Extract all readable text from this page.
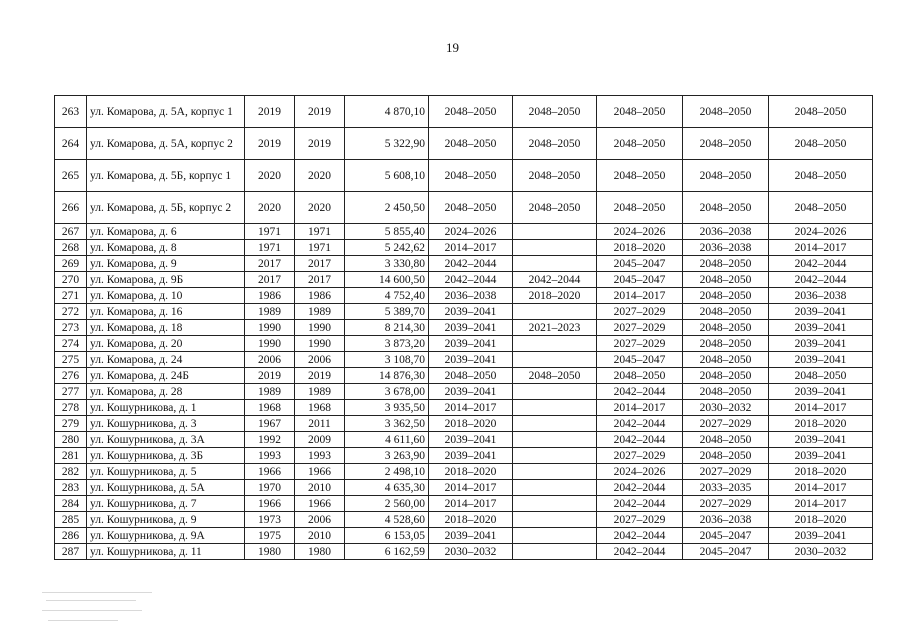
19
263	ул. Комарова, д. 5А, корпус 1	2019	2019	4 870,10	2048–2050	2048–2050	2048–2050	2048–2050	2048–2050
264	ул. Комарова, д. 5А, корпус 2	2019	2019	5 322,90	2048–2050	2048–2050	2048–2050	2048–2050	2048–2050
265	ул. Комарова, д. 5Б, корпус 1	2020	2020	5 608,10	2048–2050	2048–2050	2048–2050	2048–2050	2048–2050
266	ул. Комарова, д. 5Б, корпус 2	2020	2020	2 450,50	2048–2050	2048–2050	2048–2050	2048–2050	2048–2050
267	ул. Комарова, д. 6	1971	1971	5 855,40	2024–2026		2024–2026	2036–2038	2024–2026
268	ул. Комарова, д. 8	1971	1971	5 242,62	2014–2017		2018–2020	2036–2038	2014–2017
269	ул. Комарова, д. 9	2017	2017	3 330,80	2042–2044		2045–2047	2048–2050	2042–2044
270	ул. Комарова, д. 9Б	2017	2017	14 600,50	2042–2044	2042–2044	2045–2047	2048–2050	2042–2044
271	ул. Комарова, д. 10	1986	1986	4 752,40	2036–2038	2018–2020	2014–2017	2048–2050	2036–2038
272	ул. Комарова, д. 16	1989	1989	5 389,70	2039–2041		2027–2029	2048–2050	2039–2041
273	ул. Комарова, д. 18	1990	1990	8 214,30	2039–2041	2021–2023	2027–2029	2048–2050	2039–2041
274	ул. Комарова, д. 20	1990	1990	3 873,20	2039–2041		2027–2029	2048–2050	2039–2041
275	ул. Комарова, д. 24	2006	2006	3 108,70	2039–2041		2045–2047	2048–2050	2039–2041
276	ул. Комарова, д. 24Б	2019	2019	14 876,30	2048–2050	2048–2050	2048–2050	2048–2050	2048–2050
277	ул. Комарова, д. 28	1989	1989	3 678,00	2039–2041		2042–2044	2048–2050	2039–2041
278	ул. Кошурникова, д. 1	1968	1968	3 935,50	2014–2017		2014–2017	2030–2032	2014–2017
279	ул. Кошурникова, д. 3	1967	2011	3 362,50	2018–2020		2042–2044	2027–2029	2018–2020
280	ул. Кошурникова, д. 3А	1992	2009	4 611,60	2039–2041		2042–2044	2048–2050	2039–2041
281	ул. Кошурникова, д. 3Б	1993	1993	3 263,90	2039–2041		2027–2029	2048–2050	2039–2041
282	ул. Кошурникова, д. 5	1966	1966	2 498,10	2018–2020		2024–2026	2027–2029	2018–2020
283	ул. Кошурникова, д. 5А	1970	2010	4 635,30	2014–2017		2042–2044	2033–2035	2014–2017
284	ул. Кошурникова, д. 7	1966	1966	2 560,00	2014–2017		2042–2044	2027–2029	2014–2017
285	ул. Кошурникова, д. 9	1973	2006	4 528,60	2018–2020		2027–2029	2036–2038	2018–2020
286	ул. Кошурникова, д. 9А	1975	2010	6 153,05	2039–2041		2042–2044	2045–2047	2039–2041
287	ул. Кошурникова, д. 11	1980	1980	6 162,59	2030–2032		2042–2044	2045–2047	2030–2032
